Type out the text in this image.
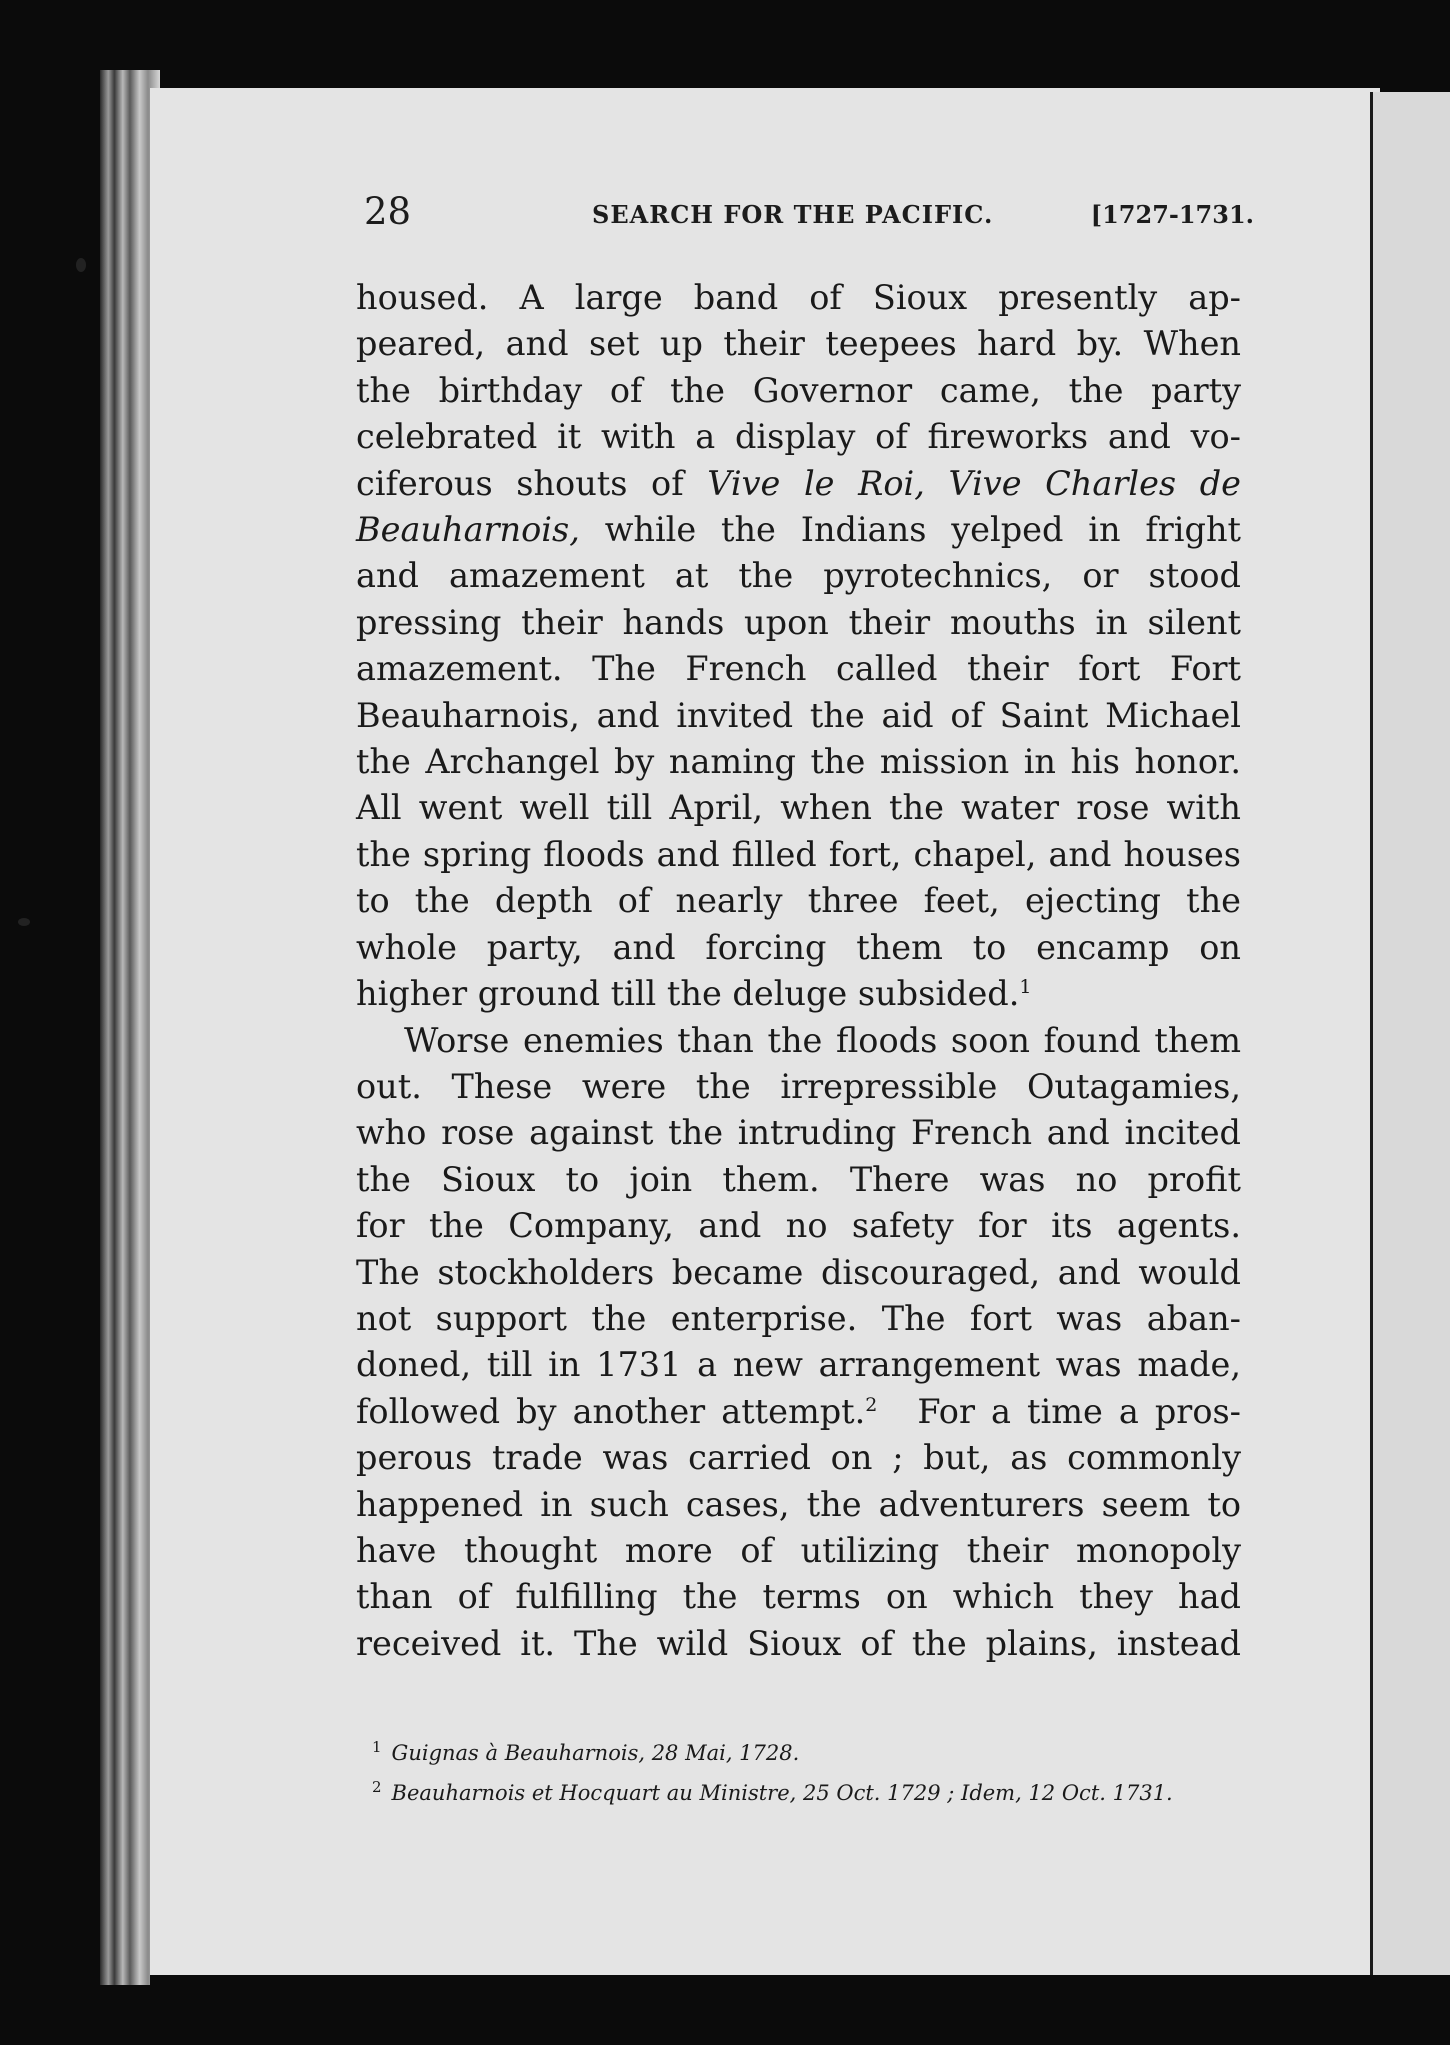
28	SEARCH FOR THE PACIFIC.	[1727-1731.
housed. A large band of Sioux presently ap-
peared, and set up their teepees hard by. When
the birthday of the Governor came, the party
celebrated it with a display of fireworks and vo-
ciferous shouts of Vive le Roi, Vive Charles de
Beauharnois, while the Indians yelped in fright
and amazement at the pyrotechnics, or stood
pressing their hands upon their mouths in silent
amazement. The French called their fort Fort
Beauharnois, and invited the aid of Saint Michael
the Archangel by naming the mission in his honor.
All went well till April, when the water rose with
the spring floods and filled fort, chapel, and houses
to the depth of nearly three feet, ejecting the
whole party, and forcing them to encamp on
higher ground till the deluge subsided.$^1$
Worse enemies than the floods soon found them
out. These were the irrepressible Outagamies,
who rose against the intruding French and incited
the Sioux to join them. There was no profit
for the Company, and no safety for its agents.
The stockholders became discouraged, and would
not support the enterprise. The fort was aban-
doned, till in 1731 a new arrangement was made,
followed by another attempt.$^2$ For a time a pros-
perous trade was carried on ; but, as commonly
happened in such cases, the adventurers seem to
have thought more of utilizing their monopoly
than of fulfilling the terms on which they had
received it. The wild Sioux of the plains, instead
$^1$ Guignas à Beauharnois, 28 Mai, 1728.
$^2$ Beauharnois et Hocquart au Ministre, 25 Oct. 1729 ; Idem, 12 Oct. 1731.
